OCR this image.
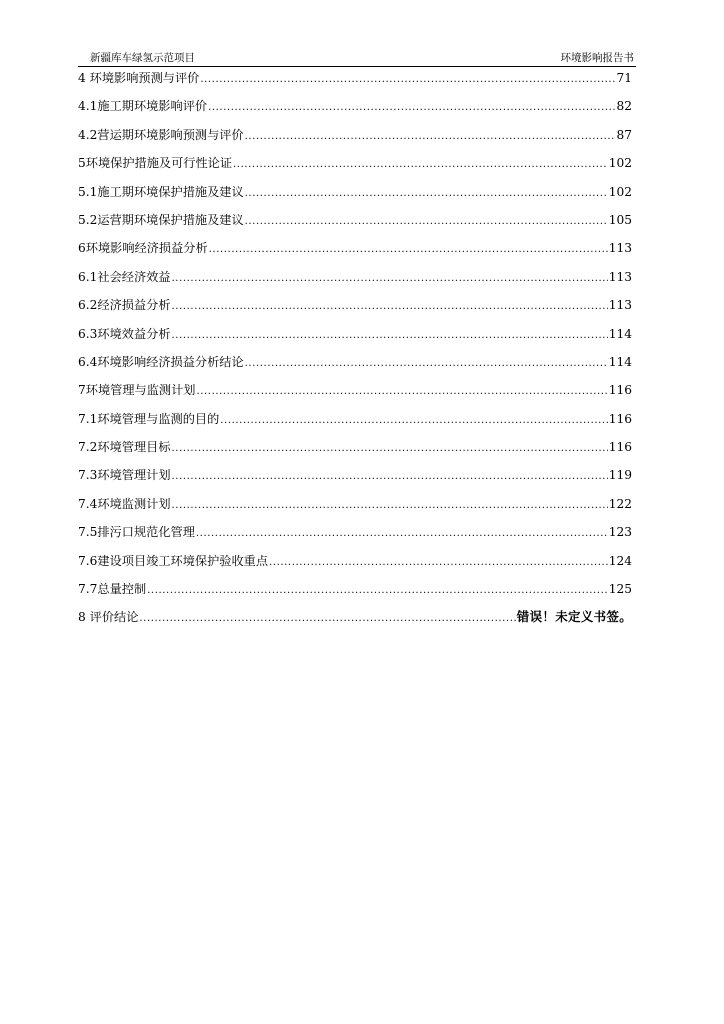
新疆库车绿氢示范项目	环境影响报告书
4 环境影响预测与评价 .....	71
4.1施工期环境影响评价 .....	82
4.2营运期环境影响预测与评价 .....	87
5环境保护措施及可行性论证 .....	102
5.1施工期环境保护措施及建议 .....	102
5.2运营期环境保护措施及建议 .....	105
6环境影响经济损益分析 .....	113
6.1社会经济效益 .....	113
6.2经济损益分析 .....	113
6.3环境效益分析 .....	114
6.4环境影响经济损益分析结论 .....	114
7环境管理与监测计划 .....	116
7.1环境管理与监测的目的 .....	116
7.2环境管理目标 .....	116
7.3环境管理计划 .....	119
7.4环境监测计划 .....	122
7.5排污口规范化管理 .....	123
7.6建设项目竣工环境保护验收重点 .....	124
7.7总量控制 .....	125
8 评价结论 .....	错误！未定义书签。
